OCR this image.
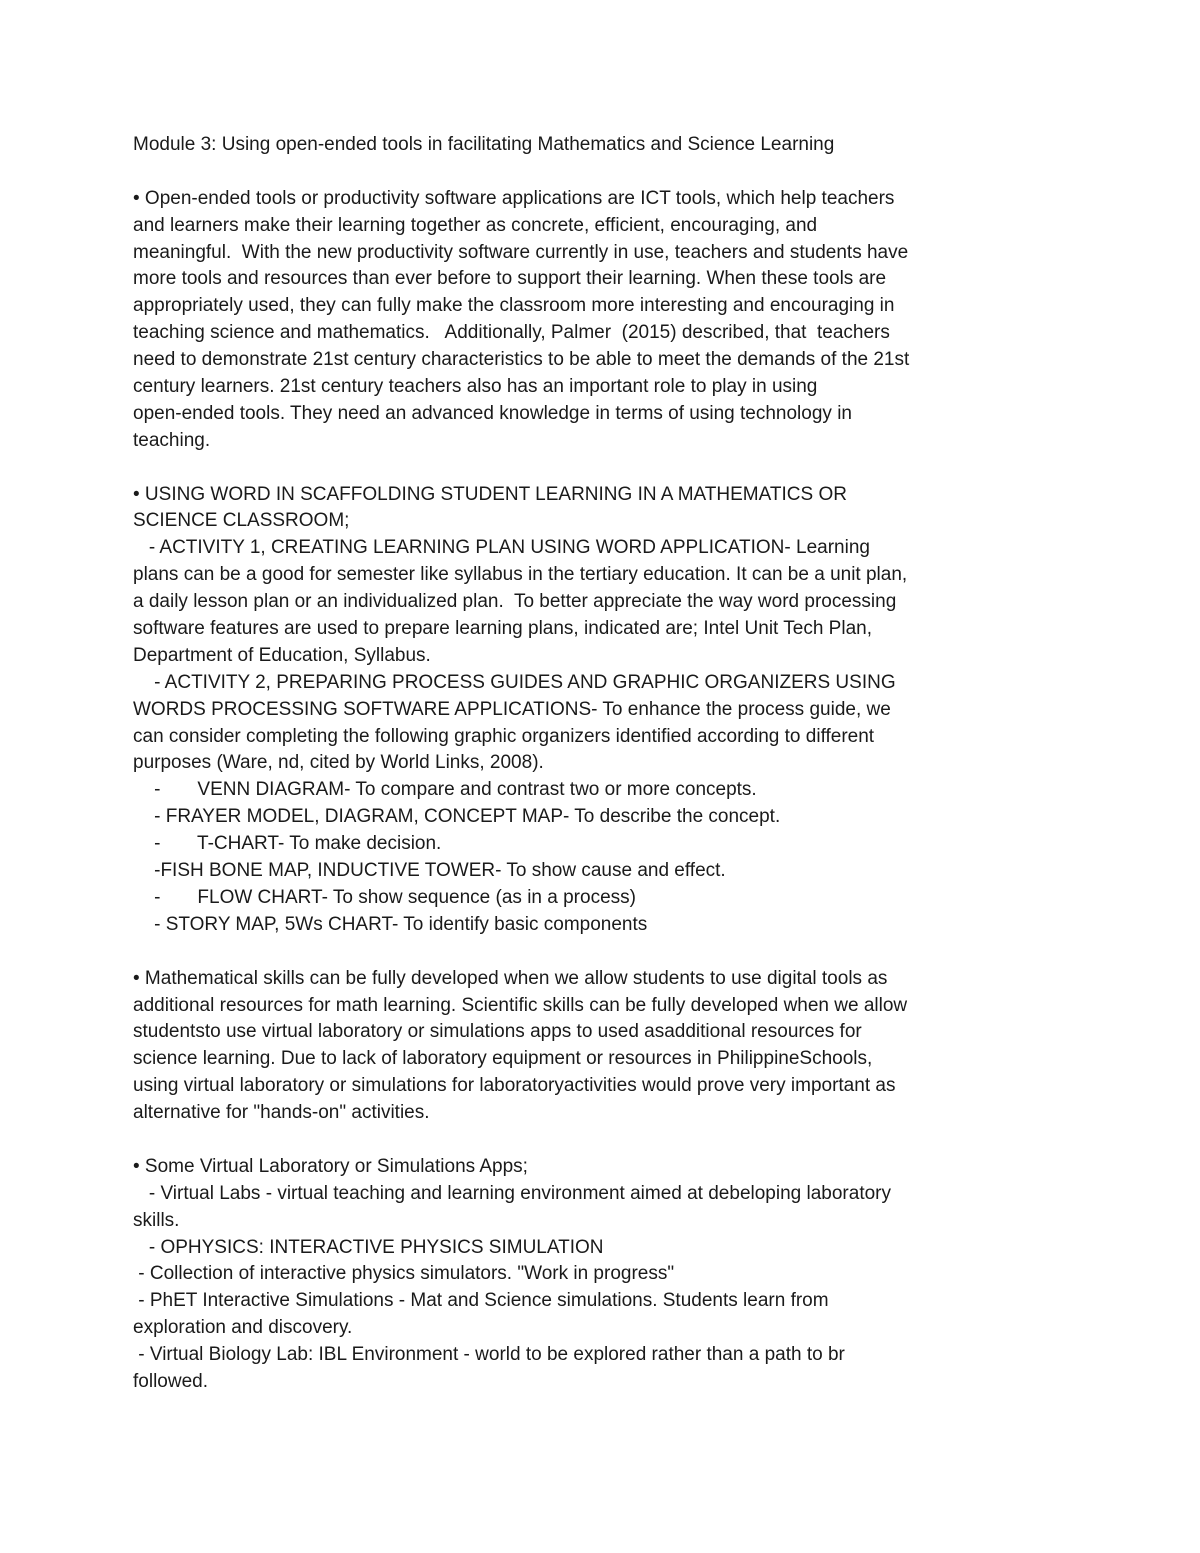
Module 3: Using open-ended tools in facilitating Mathematics and Science Learning
• Open-ended tools or productivity software applications are ICT tools, which help teachers
and learners make their learning together as concrete, efficient, encouraging, and
meaningful.  With the new productivity software currently in use, teachers and students have
more tools and resources than ever before to support their learning. When these tools are
appropriately used, they can fully make the classroom more interesting and encouraging in
teaching science and mathematics.   Additionally, Palmer  (2015) described, that  teachers
need to demonstrate 21st century characteristics to be able to meet the demands of the 21st
century learners. 21st century teachers also has an important role to play in using
open-ended tools. They need an advanced knowledge in terms of using technology in
teaching.
• USING WORD IN SCAFFOLDING STUDENT LEARNING IN A MATHEMATICS OR
SCIENCE CLASSROOM;
- ACTIVITY 1, CREATING LEARNING PLAN USING WORD APPLICATION- Learning
plans can be a good for semester like syllabus in the tertiary education. It can be a unit plan,
a daily lesson plan or an individualized plan.  To better appreciate the way word processing
software features are used to prepare learning plans, indicated are; Intel Unit Tech Plan,
Department of Education, Syllabus.
- ACTIVITY 2, PREPARING PROCESS GUIDES AND GRAPHIC ORGANIZERS USING
WORDS PROCESSING SOFTWARE APPLICATIONS- To enhance the process guide, we
can consider completing the following graphic organizers identified according to different
purposes (Ware, nd, cited by World Links, 2008).
-       VENN DIAGRAM- To compare and contrast two or more concepts.
- FRAYER MODEL, DIAGRAM, CONCEPT MAP- To describe the concept.
-       T-CHART- To make decision.
-FISH BONE MAP, INDUCTIVE TOWER- To show cause and effect.
-       FLOW CHART- To show sequence (as in a process)
- STORY MAP, 5Ws CHART- To identify basic components
• Mathematical skills can be fully developed when we allow students to use digital tools as
additional resources for math learning. Scientific skills can be fully developed when we allow
studentsto use virtual laboratory or simulations apps to used asadditional resources for
science learning. Due to lack of laboratory equipment or resources in PhilippineSchools,
using virtual laboratory or simulations for laboratoryactivities would prove very important as
alternative for "hands-on" activities.
• Some Virtual Laboratory or Simulations Apps;
- Virtual Labs - virtual teaching and learning environment aimed at debeloping laboratory
skills.
- OPHYSICS: INTERACTIVE PHYSICS SIMULATION
- Collection of interactive physics simulators. "Work in progress"
- PhET Interactive Simulations - Mat and Science simulations. Students learn from
exploration and discovery.
- Virtual Biology Lab: IBL Environment - world to be explored rather than a path to br
followed.
